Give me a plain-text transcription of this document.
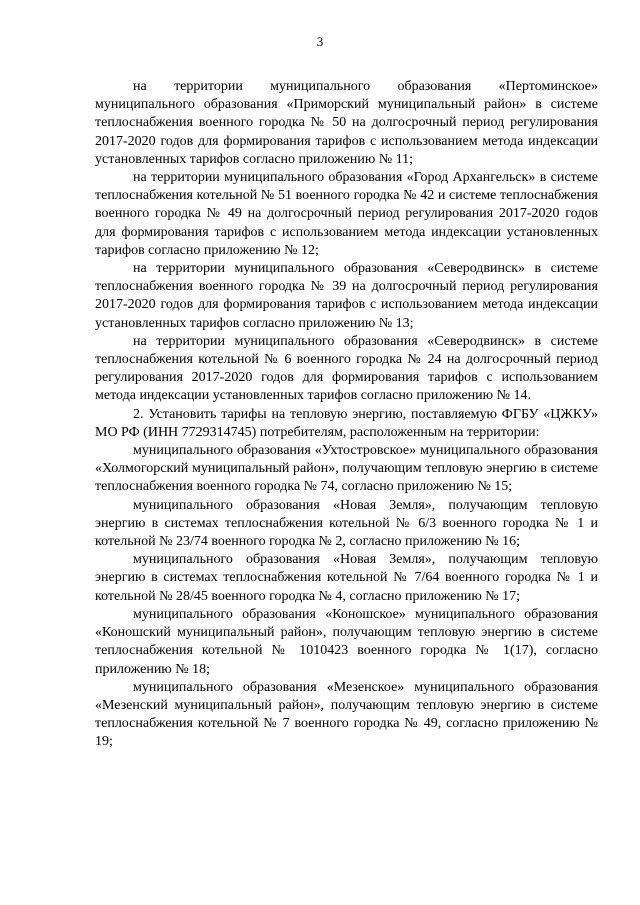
3

на территории муниципального образования «Пертоминское» муниципального образования «Приморский муниципальный район» в системе теплоснабжения военного городка № 50 на долгосрочный период регулирования 2017-2020 годов для формирования тарифов с использованием метода индексации установленных тарифов согласно приложению № 11;

на территории муниципального образования «Город Архангельск» в системе теплоснабжения котельной № 51 военного городка № 42 и системе теплоснабжения военного городка № 49 на долгосрочный период регулирования 2017-2020 годов для формирования тарифов с использованием метода индексации установленных тарифов согласно приложению № 12;

на территории муниципального образования «Северодвинск» в системе теплоснабжения военного городка № 39 на долгосрочный период регулирования 2017-2020 годов для формирования тарифов с использованием метода индексации установленных тарифов согласно приложению № 13;

на территории муниципального образования «Северодвинск» в системе теплоснабжения котельной № 6 военного городка № 24 на долгосрочный период регулирования 2017-2020 годов для формирования тарифов с использованием метода индексации установленных тарифов согласно приложению № 14.

2. Установить тарифы на тепловую энергию, поставляемую ФГБУ «ЦЖКУ» МО РФ (ИНН 7729314745) потребителям, расположенным на территории:

муниципального образования «Ухтостровское» муниципального образования «Холмогорский муниципальный район», получающим тепловую энергию в системе теплоснабжения военного городка № 74, согласно приложению № 15;

муниципального образования «Новая Земля», получающим тепловую энергию в системах теплоснабжения котельной № 6/3 военного городка № 1 и котельной № 23/74 военного городка № 2, согласно приложению № 16;

муниципального образования «Новая Земля», получающим тепловую энергию в системах теплоснабжения котельной № 7/64 военного городка № 1 и котельной № 28/45 военного городка № 4, согласно приложению № 17;

муниципального образования «Коношское» муниципального образования «Коношский муниципальный район», получающим тепловую энергию в системе теплоснабжения котельной № 1010423 военного городка № 1(17), согласно приложению № 18;

муниципального образования «Мезенское» муниципального образования «Мезенский муниципальный район», получающим тепловую энергию в системе теплоснабжения котельной № 7 военного городка № 49, согласно приложению № 19;
